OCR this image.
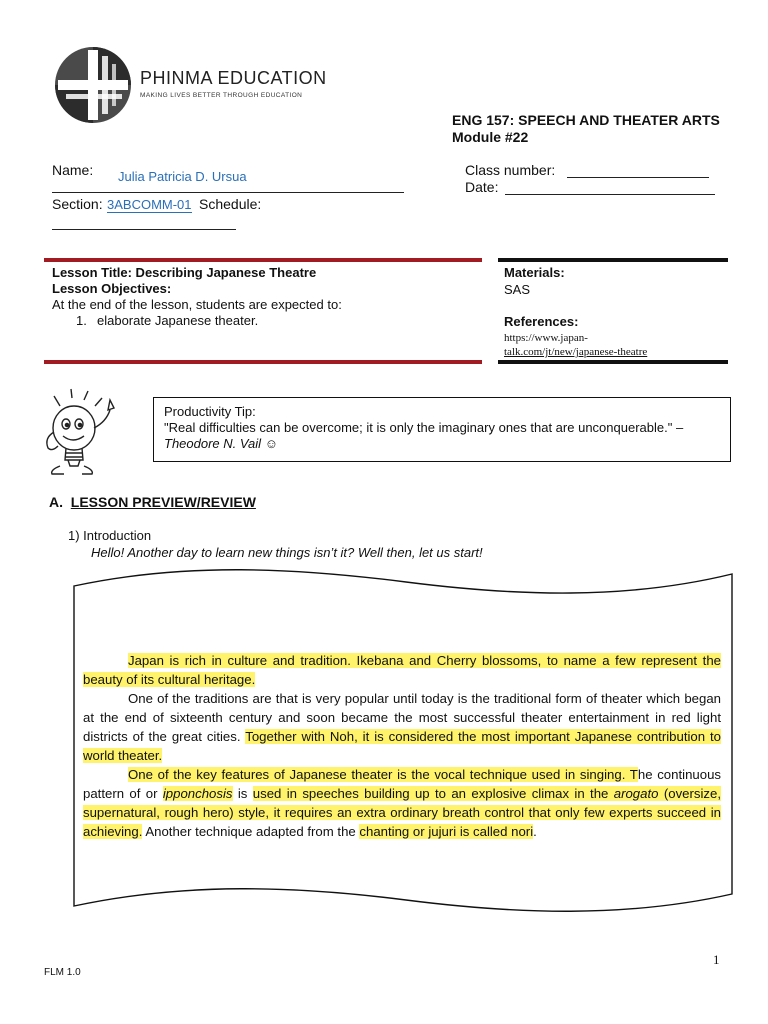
PHINMA EDUCATION
MAKING LIVES BETTER THROUGH EDUCATION
ENG 157: SPEECH AND THEATER ARTS
Module #22
Name: Julia Patricia D. Ursua	Class number:
Date:
Section: 3ABCOMM-01 Schedule:
Lesson Title: Describing Japanese Theatre
Lesson Objectives:
At the end of the lesson, students are expected to:
1. elaborate Japanese theater.
Materials:
SAS
References:
https://www.japan-
talk.com/jt/new/japanese-theatre
Productivity Tip:
"Real difficulties can be overcome; it is only the imaginary ones that are unconquerable." –
Theodore N. Vail ☺
A. LESSON PREVIEW/REVIEW
1) Introduction
Hello! Another day to learn new things isn’t it? Well then, let us start!
Japan is rich in culture and tradition. Ikebana and Cherry blossoms, to name a few represent the beauty of its cultural heritage.
One of the traditions are that is very popular until today is the traditional form of theater which began at the end of sixteenth century and soon became the most successful theater entertainment in red light districts of the great cities. Together with Noh, it is considered the most important Japanese contribution to world theater.
One of the key features of Japanese theater is the vocal technique used in singing. The continuous pattern of or ipponchosis is used in speeches building up to an explosive climax in the arogato (oversize, supernatural, rough hero) style, it requires an extra ordinary breath control that only few experts succeed in achieving. Another technique adapted from the chanting or jujuri is called nori.
1
FLM 1.0
